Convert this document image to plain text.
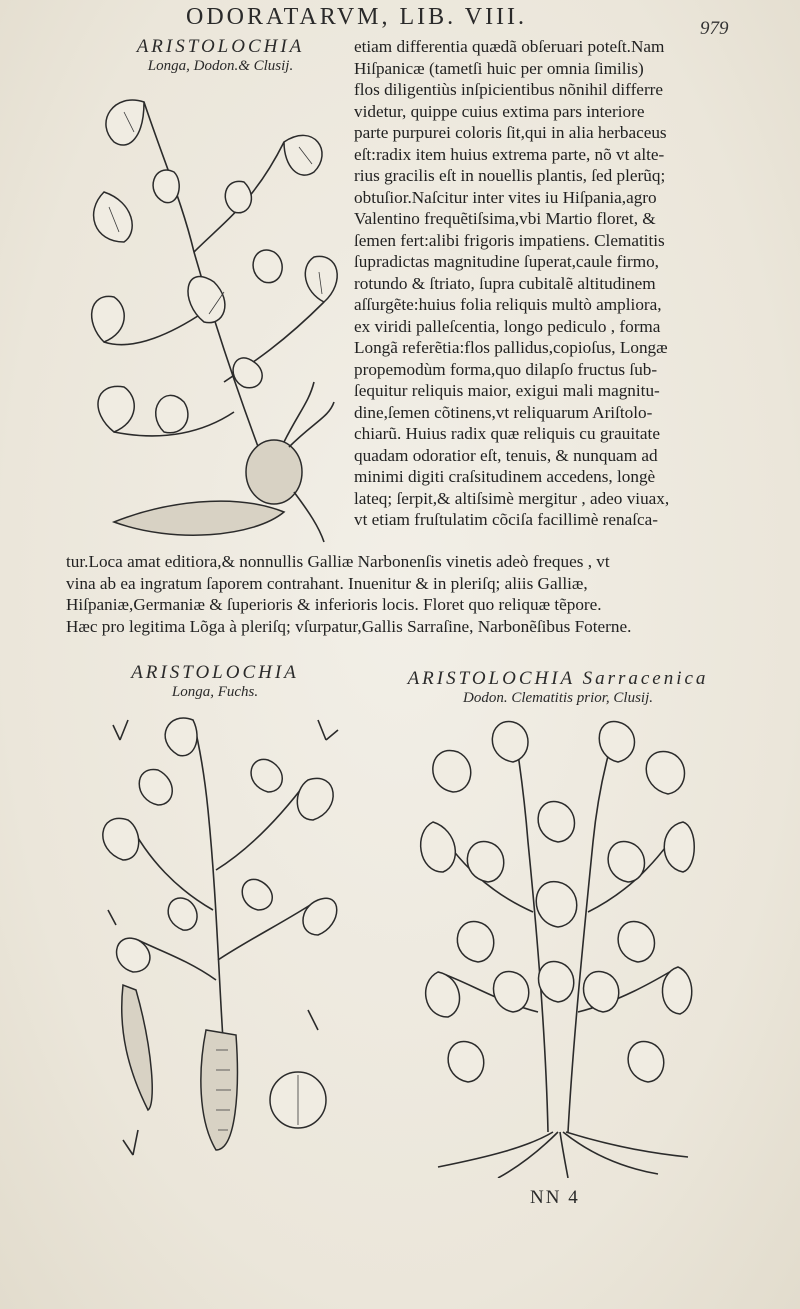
ODORATARVM, LIB. VIII.	979
ARISTOLOCHIA
Longa, Dodon.& Clusij.
etiam differentia quædã obſeruari poteſt.Nam
Hiſpanicæ (tametſi huic per omnia ſimilis)
flos diligentiùs inſpicientibus nõnihil differre
videtur, quippe cuius extima pars interiore
parte purpurei coloris ſit,qui in alia herbaceus
eſt:radix item huius extrema parte, nõ vt alte-
rius gracilis eſt in nouellis plantis, ſed plerũq;
obtuſior.Naſcitur inter vites iu Hiſpania,agro
Valentino frequẽtiſsima,vbi Martio floret, &
ſemen fert:alibi frigoris impatiens. Clematitis
ſupradictas magnitudine ſuperat,caule firmo,
rotundo & ſtriato, ſupra cubitalẽ altitudinem
aſſurgẽte:huius folia reliquis multò ampliora,
ex viridi palleſcentia, longo pediculo , forma
Longã referẽtia:flos pallidus,copioſus, Longæ
propemodùm forma,quo dilapſo fructus ſub-
ſequitur reliquis maior, exigui mali magnitu-
dine,ſemen cõtinens,vt reliquarum Ariſtolo-
chiarũ. Huius radix quæ reliquis cu grauitate
quadam odoratior eſt, tenuis, & nunquam ad
minimi digiti craſsitudinem accedens, longè
lateq; ſerpit,& altiſsimè mergitur , adeo viuax,
vt etiam fruſtulatim cõciſa facillimè renaſca-
tur.Loca amat editiora,& nonnullis Galliæ Narbonenſis vinetis adeò freques , vt
vina ab ea ingratum ſaporem contrahant. Inuenitur & in pleriſq; aliis Galliæ,
Hiſpaniæ,Germaniæ & ſuperioris & inferioris locis. Floret quo reliquæ tẽpore.
Hæc pro legitima Lõga à pleriſq; vſurpatur,Gallis Sarraſine, Narbonẽſibus Foterne.
ARISTOLOCHIA
Longa, Fuchs.
ARISTOLOCHIA Sarracenica
Dodon. Clematitis prior, Clusij.
NN 4
